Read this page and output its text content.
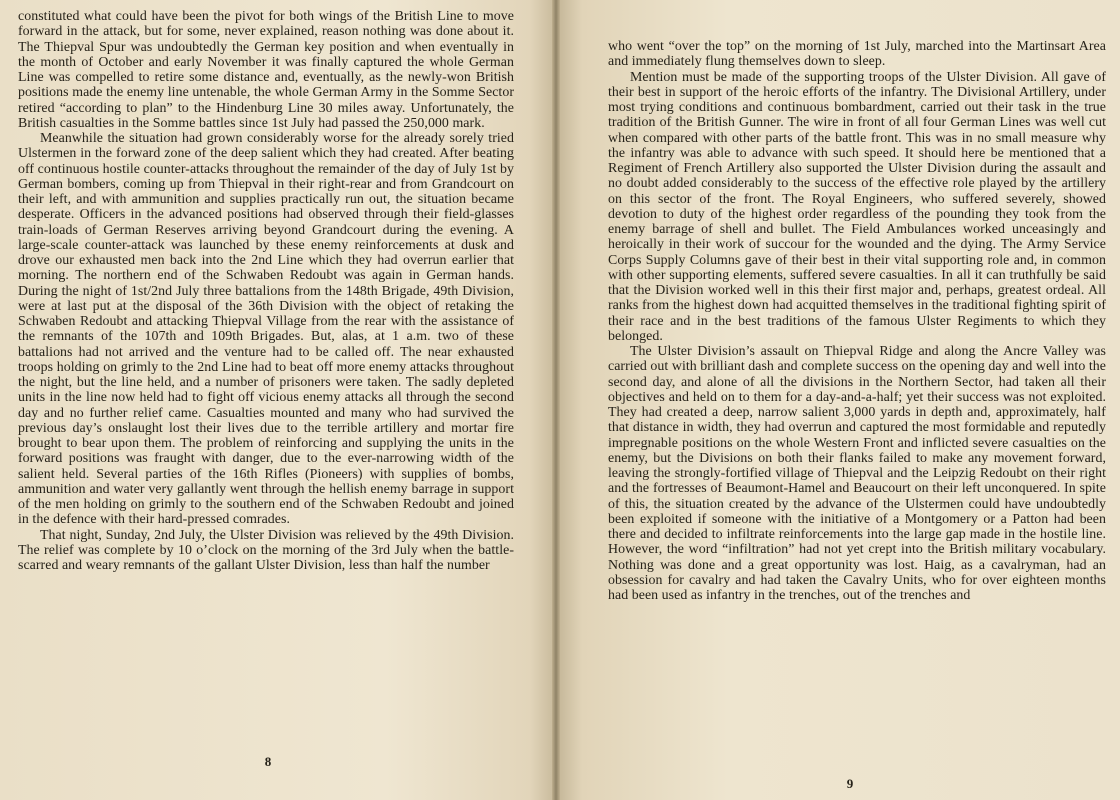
constituted what could have been the pivot for both wings of the British Line to move forward in the attack, but for some, never explained, reason nothing was done about it. The Thiepval Spur was undoubtedly the German key position and when eventually in the month of October and early November it was finally captured the whole German Line was compelled to retire some distance and, eventually, as the newly-won British positions made the enemy line untenable, the whole German Army in the Somme Sector retired “according to plan” to the Hindenburg Line 30 miles away. Unfortunately, the British casualties in the Somme battles since 1st July had passed the 250,000 mark.

Meanwhile the situation had grown considerably worse for the already sorely tried Ulstermen in the forward zone of the deep salient which they had created. After beating off continuous hostile counter-attacks throughout the remainder of the day of July 1st by German bombers, coming up from Thiepval in their right-rear and from Grandcourt on their left, and with ammunition and supplies practically run out, the situation became desperate. Officers in the advanced positions had observed through their field-glasses train-loads of German Reserves arriving beyond Grandcourt during the evening. A large-scale counter-attack was launched by these enemy reinforcements at dusk and drove our exhausted men back into the 2nd Line which they had overrun earlier that morning. The northern end of the Schwaben Redoubt was again in German hands. During the night of 1st/2nd July three battalions from the 148th Brigade, 49th Division, were at last put at the disposal of the 36th Division with the object of retaking the Schwaben Redoubt and attacking Thiepval Village from the rear with the assistance of the remnants of the 107th and 109th Brigades. But, alas, at 1 a.m. two of these battalions had not arrived and the venture had to be called off. The near exhausted troops holding on grimly to the 2nd Line had to beat off more enemy attacks throughout the night, but the line held, and a number of prisoners were taken. The sadly depleted units in the line now held had to fight off vicious enemy attacks all through the second day and no further relief came. Casualties mounted and many who had survived the previous day’s onslaught lost their lives due to the terrible artillery and mortar fire brought to bear upon them. The problem of reinforcing and supplying the units in the forward positions was fraught with danger, due to the ever-narrowing width of the salient held. Several parties of the 16th Rifles (Pioneers) with supplies of bombs, ammunition and water very gallantly went through the hellish enemy barrage in support of the men holding on grimly to the southern end of the Schwaben Redoubt and joined in the defence with their hard-pressed comrades.

That night, Sunday, 2nd July, the Ulster Division was relieved by the 49th Division. The relief was complete by 10 o’clock on the morning of the 3rd July when the battle-scarred and weary remnants of the gallant Ulster Division, less than half the number

8

who went “over the top” on the morning of 1st July, marched into the Martinsart Area and immediately flung themselves down to sleep.

Mention must be made of the supporting troops of the Ulster Division. All gave of their best in support of the heroic efforts of the infantry. The Divisional Artillery, under most trying conditions and continuous bombardment, carried out their task in the true tradition of the British Gunner. The wire in front of all four German Lines was well cut when compared with other parts of the battle front. This was in no small measure why the infantry was able to advance with such speed. It should here be mentioned that a Regiment of French Artillery also supported the Ulster Division during the assault and no doubt added considerably to the success of the effective role played by the artillery on this sector of the front. The Royal Engineers, who suffered severely, showed devotion to duty of the highest order regardless of the pounding they took from the enemy barrage of shell and bullet. The Field Ambulances worked unceasingly and heroically in their work of succour for the wounded and the dying. The Army Service Corps Supply Columns gave of their best in their vital supporting role and, in common with other supporting elements, suffered severe casualties. In all it can truthfully be said that the Division worked well in this their first major and, perhaps, greatest ordeal. All ranks from the highest down had acquitted themselves in the traditional fighting spirit of their race and in the best traditions of the famous Ulster Regiments to which they belonged.

The Ulster Division’s assault on Thiepval Ridge and along the Ancre Valley was carried out with brilliant dash and complete success on the opening day and well into the second day, and alone of all the divisions in the Northern Sector, had taken all their objectives and held on to them for a day-and-a-half; yet their success was not exploited. They had created a deep, narrow salient 3,000 yards in depth and, approximately, half that distance in width, they had overrun and captured the most formidable and reputedly impregnable positions on the whole Western Front and inflicted severe casualties on the enemy, but the Divisions on both their flanks failed to make any movement forward, leaving the strongly-fortified village of Thiepval and the Leipzig Redoubt on their right and the fortresses of Beaumont-Hamel and Beaucourt on their left unconquered. In spite of this, the situation created by the advance of the Ulstermen could have undoubtedly been exploited if someone with the initiative of a Montgomery or a Patton had been there and decided to infiltrate reinforcements into the large gap made in the hostile line. However, the word “infiltration” had not yet crept into the British military vocabulary. Nothing was done and a great opportunity was lost. Haig, as a cavalryman, had an obsession for cavalry and had taken the Cavalry Units, who for over eighteen months had been used as infantry in the trenches, out of the trenches and

9
